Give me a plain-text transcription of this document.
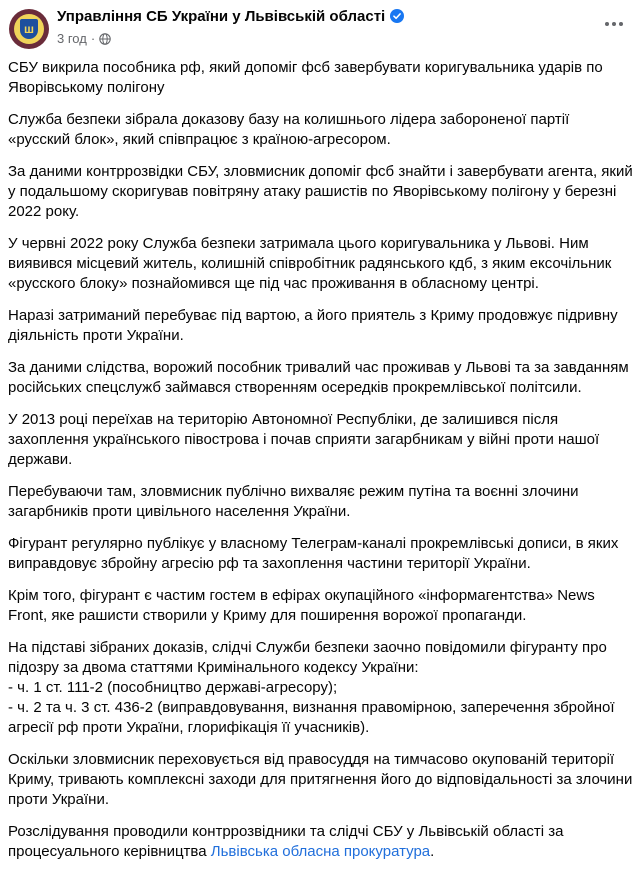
ш
Управління СБ України у Львівській області
3 год ·

СБУ викрила пособника рф, який допоміг фсб завербувати коригувальника ударів по Яворівському полігону

Служба безпеки зібрала доказову базу на колишнього лідера забороненої партії «русский блок», який співпрацює з країною-агресором.

За даними контррозвідки СБУ, зловмисник допоміг фсб знайти і завербувати агента, який у подальшому скоригував повітряну атаку рашистів по Яворівському полігону у березні 2022 року.

У червні 2022 року Служба безпеки затримала цього коригувальника у Львові. Ним виявився місцевий житель, колишній співробітник радянського кдб, з яким ексочільник «русского блоку» познайомився ще під час проживання в обласному центрі.

Наразі затриманий перебуває під вартою, а його приятель з Криму продовжує підривну діяльність проти України.

За даними слідства, ворожий пособник тривалий час проживав у Львові та за завданням російських спецслужб займався створенням осередків прокремлівської політсили.

У 2013 році переїхав на територію Автономної Республіки, де залишився після захоплення українського півострова і почав сприяти загарбникам у війні проти нашої держави.

Перебуваючи там, зловмисник публічно вихваляє режим путіна та воєнні злочини загарбників проти цивільного населення України.

Фігурант регулярно публікує у власному Телеграм-каналі прокремлівські дописи, в яких виправдовує збройну агресію рф та захоплення частини території України.

Крім того, фігурант є частим гостем в ефірах окупаційного «інформагентства» News Front, яке рашисти створили у Криму для поширення ворожої пропаганди.

На підставі зібраних доказів, слідчі Служби безпеки заочно повідомили фігуранту про підозру за двома статтями Кримінального кодексу України:
- ч. 1 ст. 111-2 (пособництво державі-агресору);
- ч. 2 та ч. 3 ст. 436-2 (виправдовування, визнання правомірною, заперечення збройної агресії рф проти України, глорифікація її учасників).

Оскільки зловмисник переховується від правосуддя на тимчасово окупованій території Криму, тривають комплексні заходи для притягнення його до відповідальності за злочини проти України.

Розслідування проводили контррозвідники та слідчі СБУ у Львівській області за процесуального керівництва Львівська обласна прокуратура.
